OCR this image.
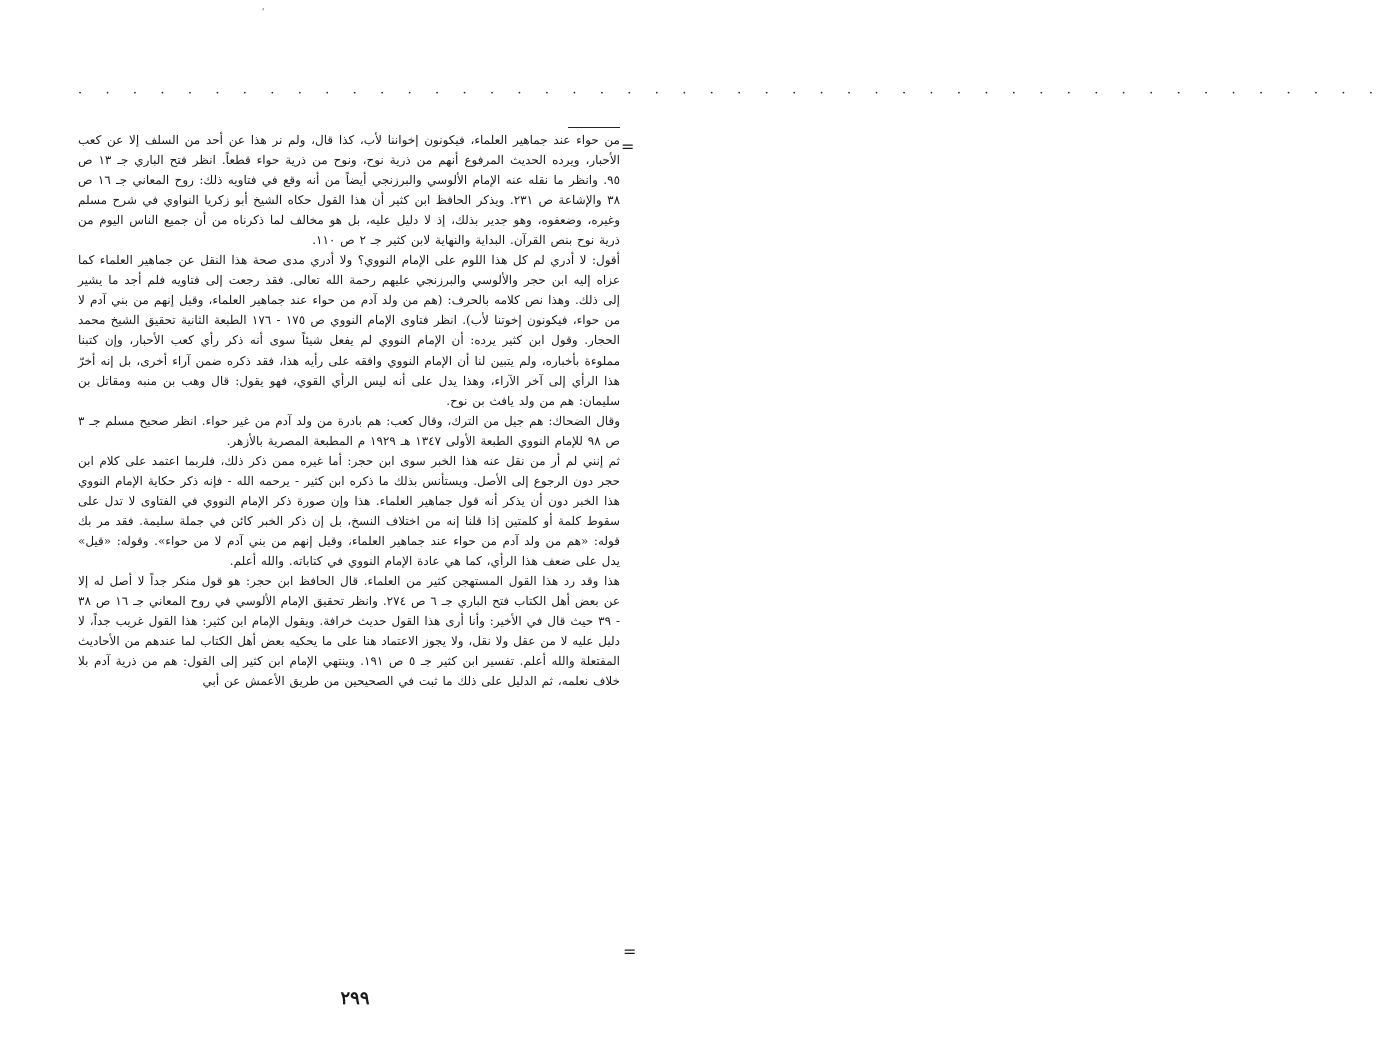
'
· · · · · · · · · · · · · · · · · · · · · · · · · · · · · · · · · · · · · · · · · · · · · · · ·
=

من حواء عند جماهير العلماء، فيكونون إخواننا لأب، كذا قال، ولم نر هذا عن أحد من السلف إلا عن كعب الأحبار، ويرده الحديث المرفوع أنهم من ذرية نوح، ونوح من ذرية حواء قطعاً. انظر فتح الباري جـ ١٣ ص ٩٥. وانظر ما نقله عنه الإمام الألوسي والبرزنجي أيضاً من أنه وقع في فتاويه ذلك: روح المعاني جـ ١٦ ص ٣٨ والإشاعة ص ٢٣١. ويذكر الحافظ ابن كثير أن هذا القول حكاه الشيخ أبو زكريا النواوي في شرح مسلم وغيره، وضعفوه، وهو جدير بذلك، إذ لا دليل عليه، بل هو مخالف لما ذكرناه من أن جميع الناس اليوم من ذرية نوح بنص القرآن. البداية والنهاية لابن كثير جـ ٢ ص ١١٠.

أقول: لا أدري لم كل هذا اللوم على الإمام النووي؟ ولا أدري مدى صحة هذا النقل عن جماهير العلماء كما عزاه إليه ابن حجر والألوسي والبرزنجي عليهم رحمة الله تعالى. فقد رجعت إلى فتاويه فلم أجد ما يشير إلى ذلك. وهذا نص كلامه بالحرف: (هم من ولد آدم من حواء عند جماهير العلماء، وقيل إنهم من بني آدم لا من حواء، فيكونون إخوتنا لأب). انظر فتاوى الإمام النووي ص ١٧٥ - ١٧٦ الطبعة الثانية تحقيق الشيخ محمد الحجار. وقول ابن كثير يرده: أن الإمام النووي لم يفعل شيئاً سوى أنه ذكر رأي كعب الأحبار، وإن كتبنا مملوءة بأخباره، ولم يتبين لنا أن الإمام النووي وافقه على رأيه هذا، فقد ذكره ضمن آراء أخرى، بل إنه أخرّ هذا الرأي إلى آخر الآراء، وهذا يدل على أنه ليس الرأي القوي، فهو يقول: قال وهب بن منبه ومقاتل بن سليمان: هم من ولد يافث بن نوح.

وقال الضحاك: هم جيل من الترك، وقال كعب: هم بادرة من ولد آدم من غير حواء. انظر صحيح مسلم جـ ٣ ص ٩٨ للإمام النووي الطبعة الأولى ١٣٤٧ هـ ١٩٢٩ م المطبعة المصرية بالأزهر.

ثم إنني لم أر من نقل عنه هذا الخبر سوى ابن حجر: أما غيره ممن ذكر ذلك، فلربما اعتمد على كلام ابن حجر دون الرجوع إلى الأصل. ويستأنس بذلك ما ذكره ابن كثير - يرحمه الله - فإنه ذكر حكاية الإمام النووي هذا الخبر دون أن يذكر أنه قول جماهير العلماء. هذا وإن صورة ذكر الإمام النووي في الفتاوى لا تدل على سقوط كلمة أو كلمتين إذا قلنا إنه من اختلاف النسخ، بل إن ذكر الخبر كائن في جملة سليمة. فقد مر بك قوله: «هم من ولد آدم من حواء عند جماهير العلماء، وقيل إنهم من بني آدم لا من حواء». وقوله: «قيل» يدل على ضعف هذا الرأي، كما هي عادة الإمام النووي في كتاباته. والله أعلم.

هذا وقد رد هذا القول المستهجن كثير من العلماء. قال الحافظ ابن حجر: هو قول منكر جداً لا أصل له إلا عن بعض أهل الكتاب فتح الباري جـ ٦ ص ٢٧٤. وانظر تحقيق الإمام الألوسي في روح المعاني جـ ١٦ ص ٣٨ - ٣٩ حيث قال في الأخير: وأنا أرى هذا القول حديث خرافة. ويقول الإمام ابن كثير: هذا القول غريب جداً، لا دليل عليه لا من عقل ولا نقل، ولا يجوز الاعتماد هنا على ما يحكيه بعض أهل الكتاب لما عندهم من الأحاديث المفتعلة والله أعلم. تفسير ابن كثير جـ ٥ ص ١٩١. وينتهي الإمام ابن كثير إلى القول: هم من ذرية آدم بلا خلاف نعلمه، ثم الدليل على ذلك ما ثبت في الصحيحين من طريق الأعمش عن أبي

=
٢٩٩
